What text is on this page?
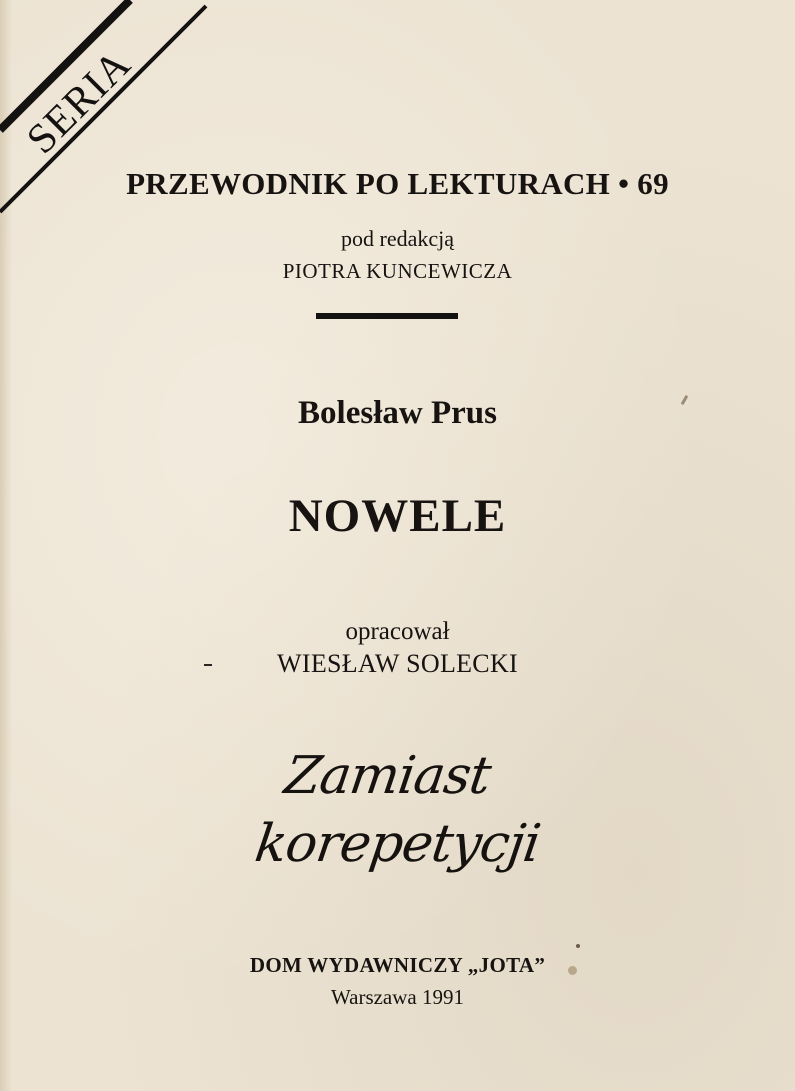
SERIA
PRZEWODNIK PO LEKTURACH • 69
pod redakcją
PIOTRA KUNCEWICZA
Bolesław Prus
NOWELE
opracował
WIESŁAW SOLECKI
Zamiast
korepetycji
DOM WYDAWNICZY „JOTA”
Warszawa 1991
